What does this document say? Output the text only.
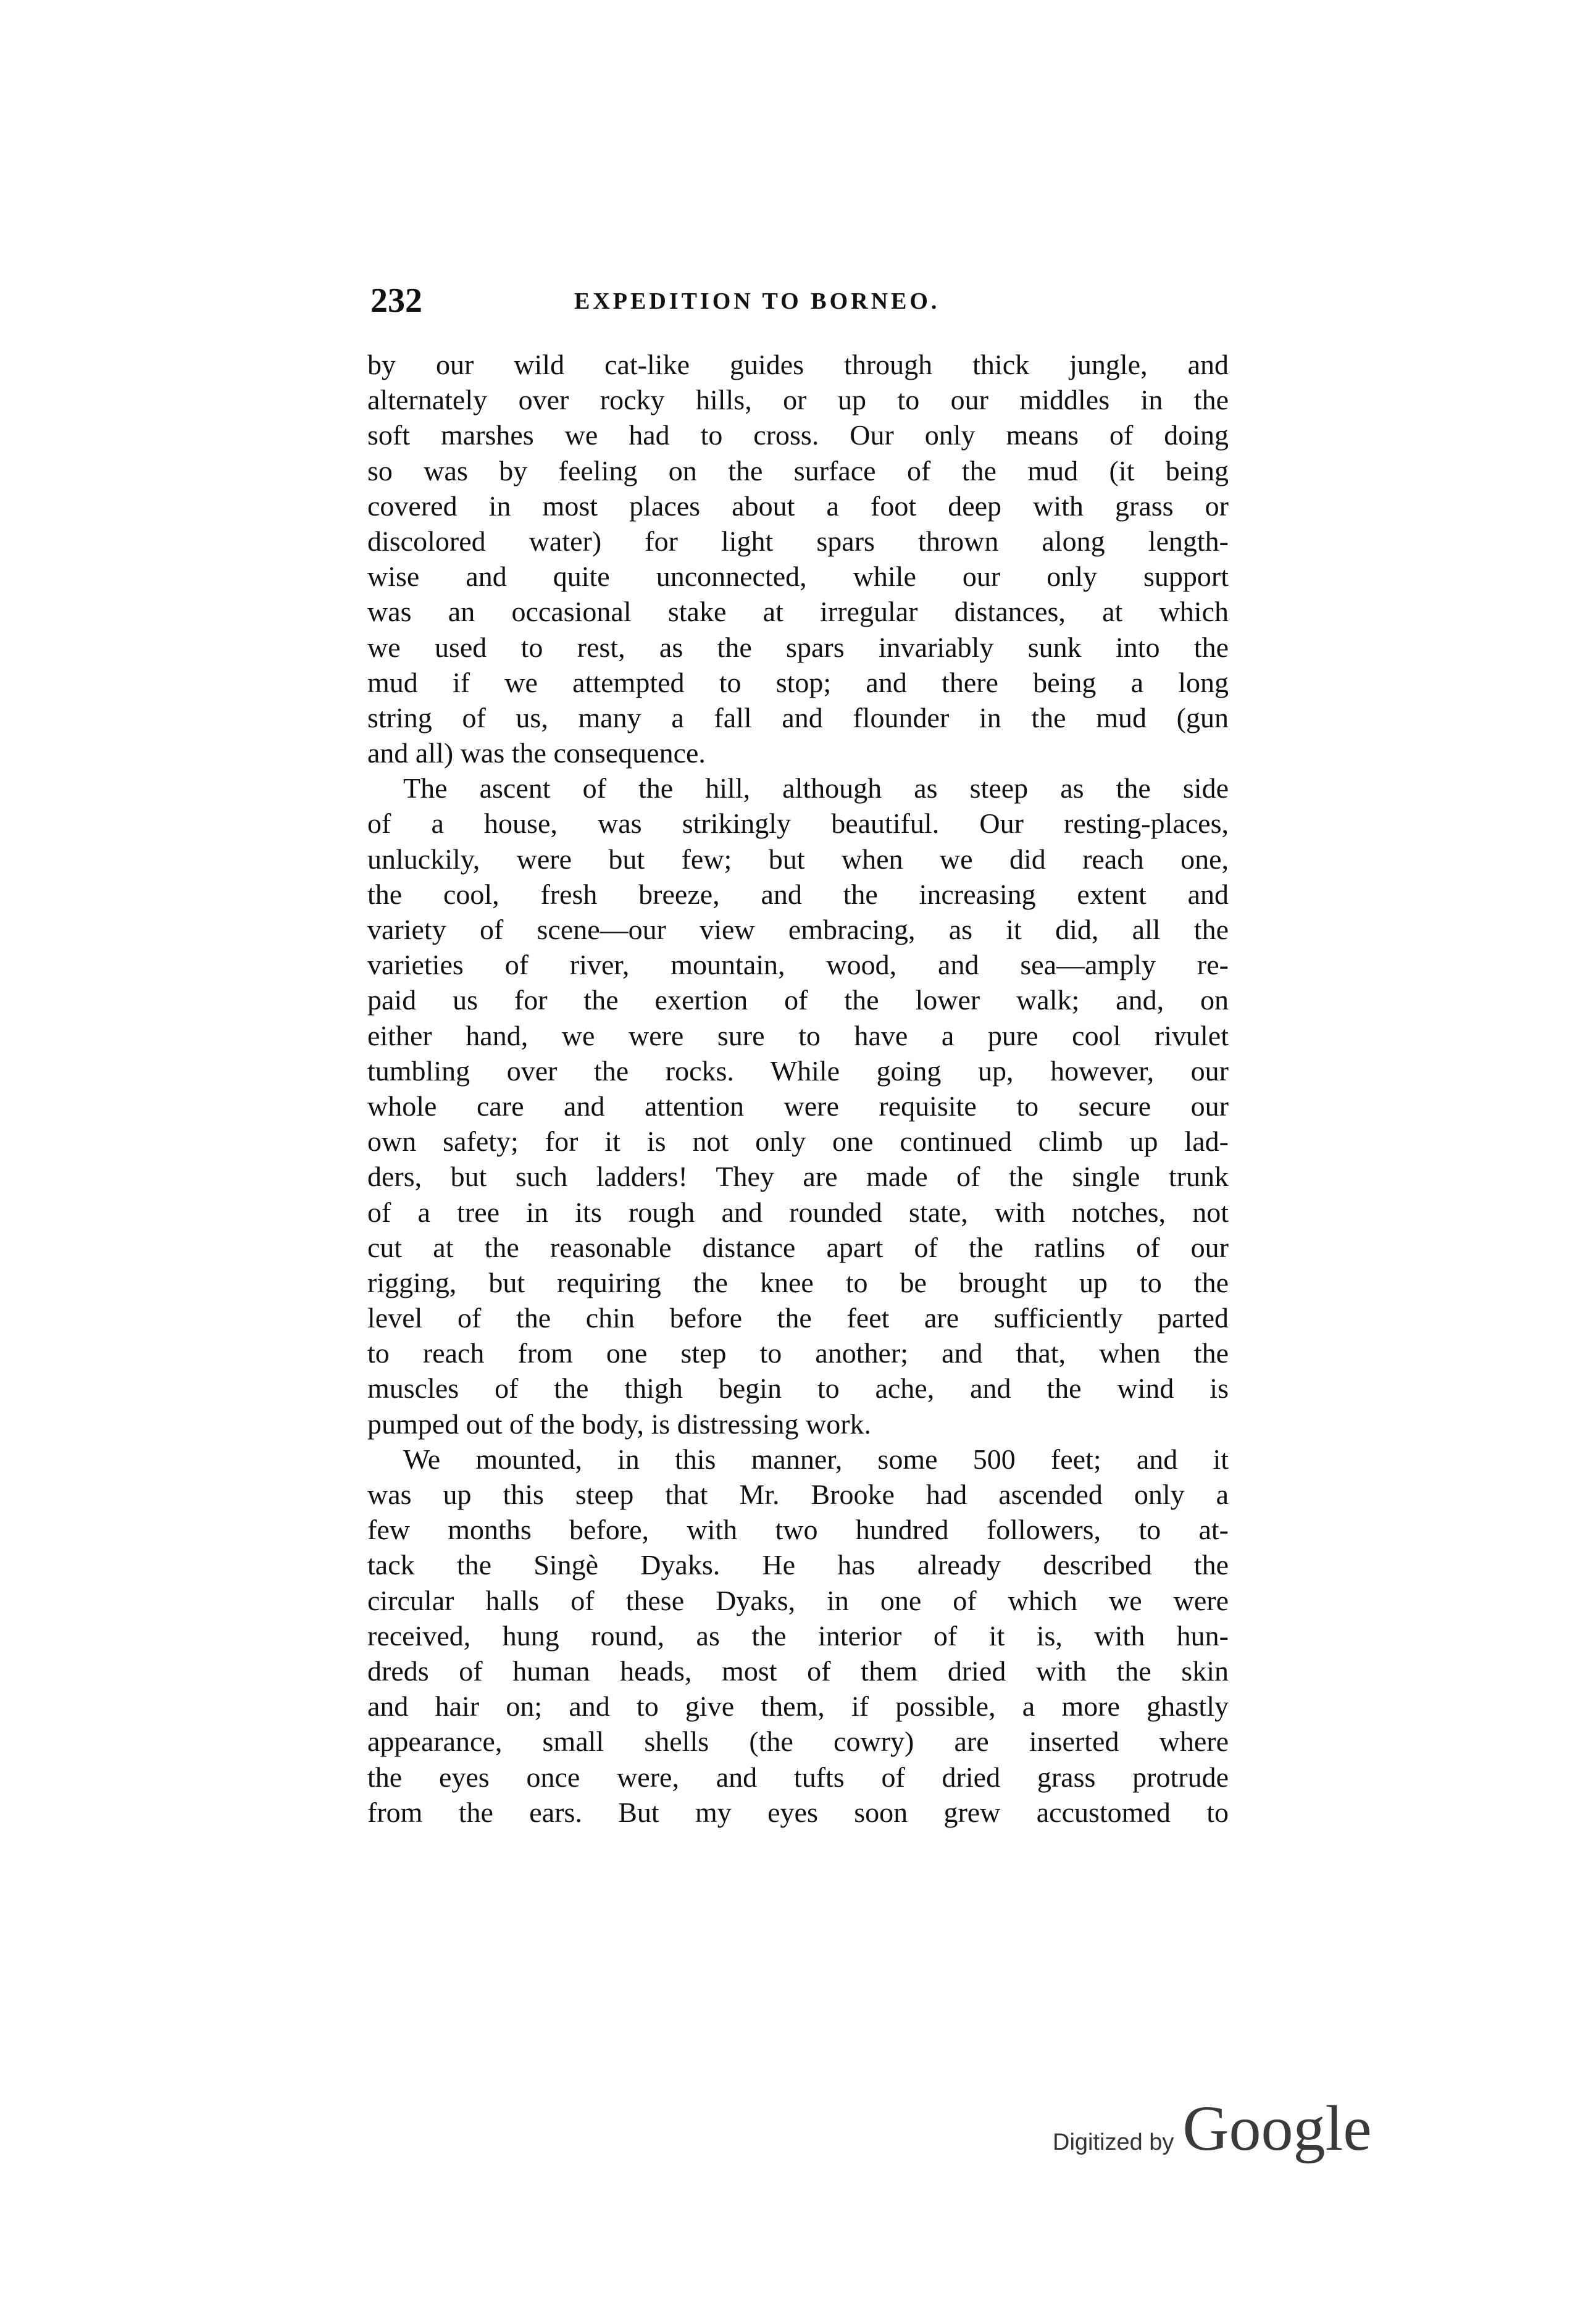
232	EXPEDITION TO BORNEO.
by our wild cat-like guides through thick jungle, and
alternately over rocky hills, or up to our middles in the
soft marshes we had to cross. Our only means of doing
so was by feeling on the surface of the mud (it being
covered in most places about a foot deep with grass or
discolored water) for light spars thrown along length-
wise and quite unconnected, while our only support
was an occasional stake at irregular distances, at which
we used to rest, as the spars invariably sunk into the
mud if we attempted to stop; and there being a long
string of us, many a fall and flounder in the mud (gun
and all) was the consequence.
The ascent of the hill, although as steep as the side
of a house, was strikingly beautiful. Our resting-places,
unluckily, were but few; but when we did reach one,
the cool, fresh breeze, and the increasing extent and
variety of scene—our view embracing, as it did, all the
varieties of river, mountain, wood, and sea—amply re-
paid us for the exertion of the lower walk; and, on
either hand, we were sure to have a pure cool rivulet
tumbling over the rocks. While going up, however, our
whole care and attention were requisite to secure our
own safety; for it is not only one continued climb up lad-
ders, but such ladders! They are made of the single trunk
of a tree in its rough and rounded state, with notches, not
cut at the reasonable distance apart of the ratlins of our
rigging, but requiring the knee to be brought up to the
level of the chin before the feet are sufficiently parted
to reach from one step to another; and that, when the
muscles of the thigh begin to ache, and the wind is
pumped out of the body, is distressing work.
We mounted, in this manner, some 500 feet; and it
was up this steep that Mr. Brooke had ascended only a
few months before, with two hundred followers, to at-
tack the Singè Dyaks. He has already described the
circular halls of these Dyaks, in one of which we were
received, hung round, as the interior of it is, with hun-
dreds of human heads, most of them dried with the skin
and hair on; and to give them, if possible, a more ghastly
appearance, small shells (the cowry) are inserted where
the eyes once were, and tufts of dried grass protrude
from the ears. But my eyes soon grew accustomed to
Digitized by Google
